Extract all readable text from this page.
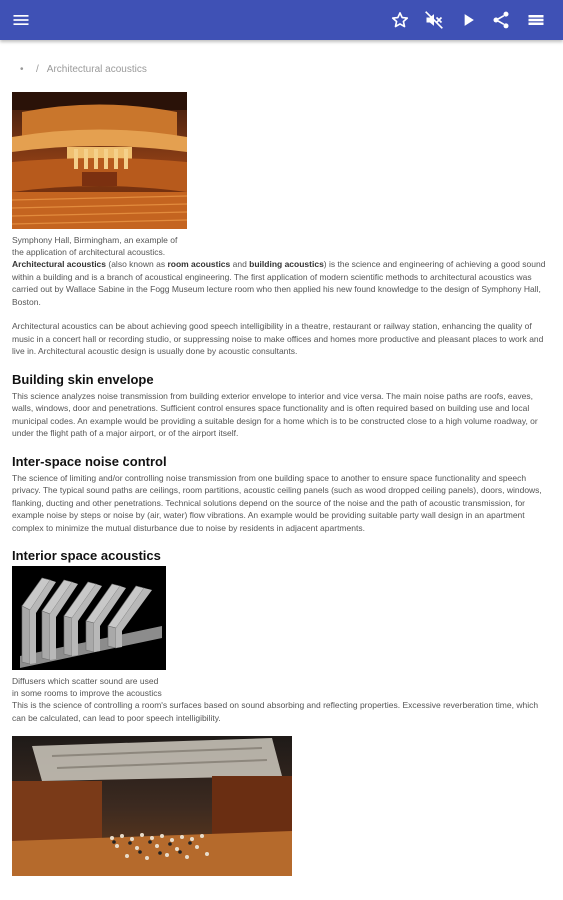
• / Architectural acoustics
Symphony Hall, Birmingham, an example of the application of architectural acoustics.

Architectural acoustics (also known as room acoustics and building acoustics) is the science and engineering of achieving a good sound within a building and is a branch of acoustical engineering. The first application of modern scientific methods to architectural acoustics was carried out by Wallace Sabine in the Fogg Museum lecture room who then applied his new found knowledge to the design of Symphony Hall, Boston.

Architectural acoustics can be about achieving good speech intelligibility in a theatre, restaurant or railway station, enhancing the quality of music in a concert hall or recording studio, or suppressing noise to make offices and homes more productive and pleasant places to work and live in. Architectural acoustic design is usually done by acoustic consultants.

Building skin envelope

This science analyzes noise transmission from building exterior envelope to interior and vice versa. The main noise paths are roofs, eaves, walls, windows, door and penetrations. Sufficient control ensures space functionality and is often required based on building use and local municipal codes. An example would be providing a suitable design for a home which is to be constructed close to a high volume roadway, or under the flight path of a major airport, or of the airport itself.

Inter-space noise control

The science of limiting and/or controlling noise transmission from one building space to another to ensure space functionality and speech privacy. The typical sound paths are ceilings, room partitions, acoustic ceiling panels (such as wood dropped ceiling panels), doors, windows, flanking, ducting and other penetrations. Technical solutions depend on the source of the noise and the path of acoustic transmission, for example noise by steps or noise by (air, water) flow vibrations. An example would be providing suitable party wall design in an apartment complex to minimize the mutual disturbance due to noise by residents in adjacent apartments.

Interior space acoustics
Diffusers which scatter sound are used in some rooms to improve the acoustics

This is the science of controlling a room's surfaces based on sound absorbing and reflecting properties. Excessive reverberation time, which can be calculated, can lead to poor speech intelligibility.
